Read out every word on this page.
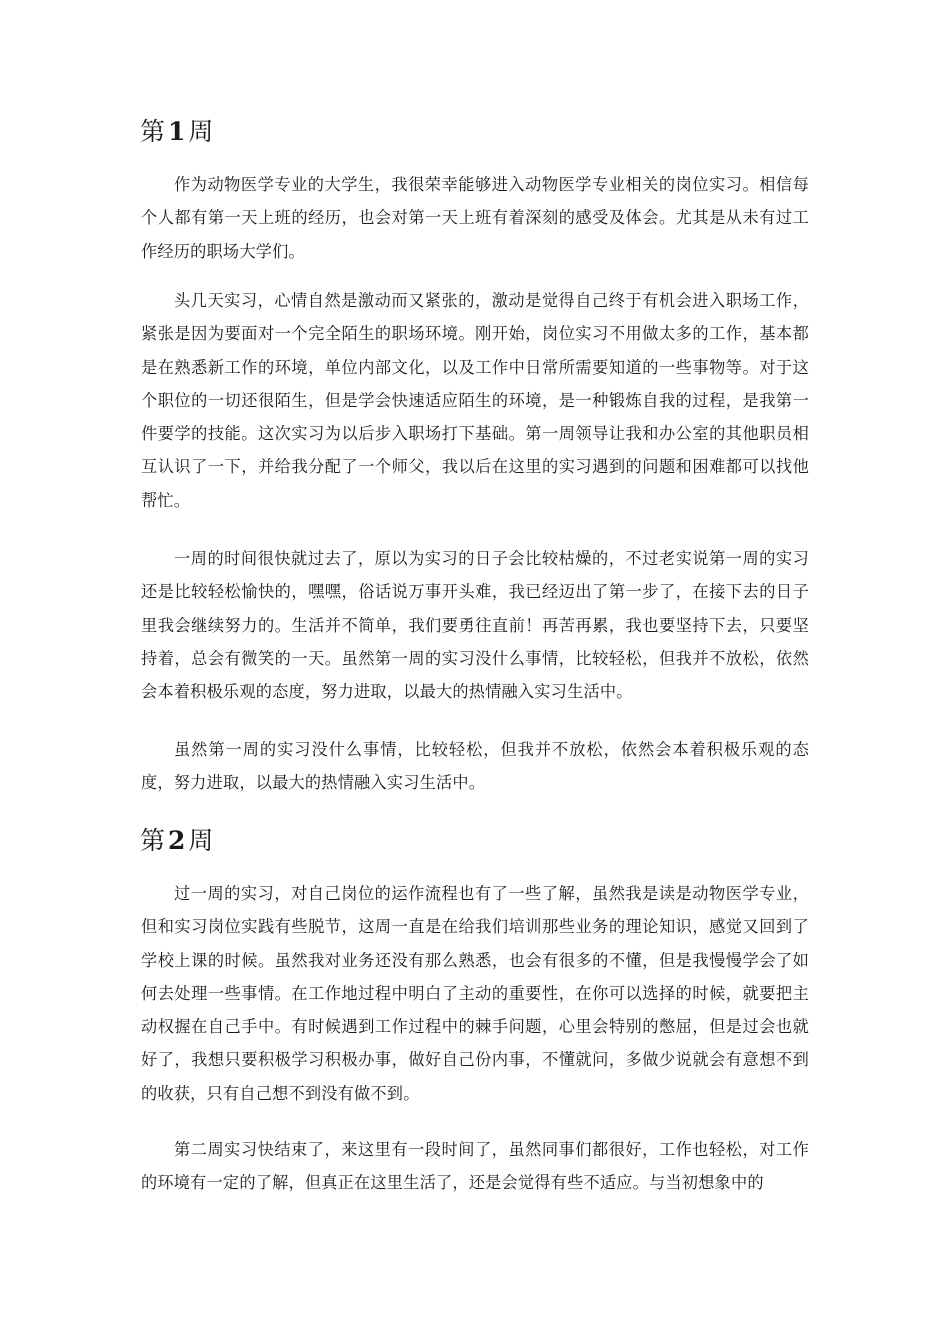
第1周

作为动物医学专业的大学生，我很荣幸能够进入动物医学专业相关的岗位实习。相信每个人都有第一天上班的经历，也会对第一天上班有着深刻的感受及体会。尤其是从未有过工作经历的职场大学们。

头几天实习，心情自然是激动而又紧张的，激动是觉得自己终于有机会进入职场工作，紧张是因为要面对一个完全陌生的职场环境。刚开始，岗位实习不用做太多的工作，基本都是在熟悉新工作的环境，单位内部文化，以及工作中日常所需要知道的一些事物等。对于这个职位的一切还很陌生，但是学会快速适应陌生的环境，是一种锻炼自我的过程，是我第一件要学的技能。这次实习为以后步入职场打下基础。第一周领导让我和办公室的其他职员相互认识了一下，并给我分配了一个师父，我以后在这里的实习遇到的问题和困难都可以找他帮忙。

一周的时间很快就过去了，原以为实习的日子会比较枯燥的，不过老实说第一周的实习还是比较轻松愉快的，嘿嘿，俗话说万事开头难，我已经迈出了第一步了，在接下去的日子里我会继续努力的。生活并不简单，我们要勇往直前！再苦再累，我也要坚持下去，只要坚持着，总会有微笑的一天。虽然第一周的实习没什么事情，比较轻松，但我并不放松，依然会本着积极乐观的态度，努力进取，以最大的热情融入实习生活中。

虽然第一周的实习没什么事情，比较轻松，但我并不放松，依然会本着积极乐观的态度，努力进取，以最大的热情融入实习生活中。

第2周

过一周的实习，对自己岗位的运作流程也有了一些了解，虽然我是读是动物医学专业，但和实习岗位实践有些脱节，这周一直是在给我们培训那些业务的理论知识，感觉又回到了学校上课的时候。虽然我对业务还没有那么熟悉，也会有很多的不懂，但是我慢慢学会了如何去处理一些事情。在工作地过程中明白了主动的重要性，在你可以选择的时候，就要把主动权握在自己手中。有时候遇到工作过程中的棘手问题，心里会特别的憋屈，但是过会也就好了，我想只要积极学习积极办事，做好自己份内事，不懂就问，多做少说就会有意想不到的收获，只有自己想不到没有做不到。

第二周实习快结束了，来这里有一段时间了，虽然同事们都很好，工作也轻松，对工作的环境有一定的了解，但真正在这里生活了，还是会觉得有些不适应。与当初想象中的
